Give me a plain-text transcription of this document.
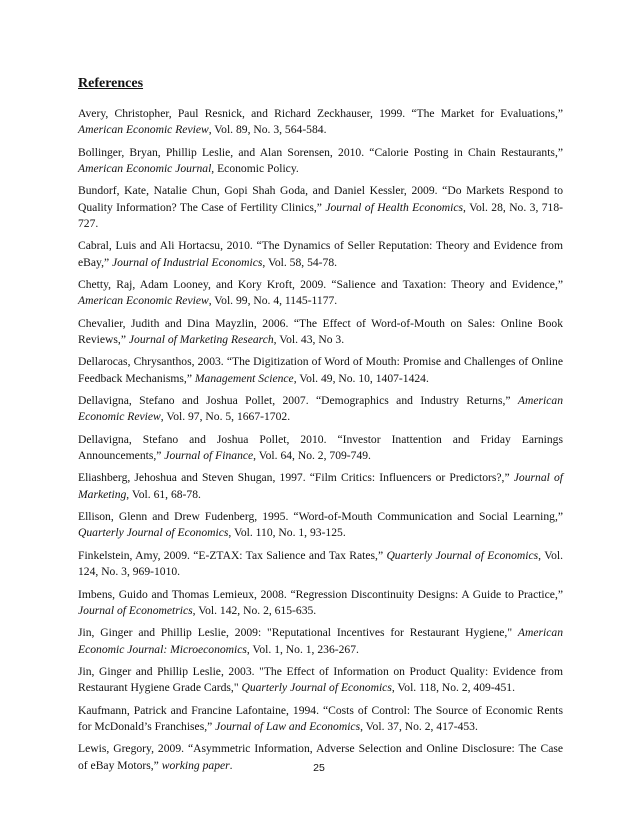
References

Avery, Christopher, Paul Resnick, and Richard Zeckhauser, 1999. “The Market for Evaluations,” American Economic Review, Vol. 89, No. 3, 564-584.

Bollinger, Bryan, Phillip Leslie, and Alan Sorensen, 2010. “Calorie Posting in Chain Restaurants,” American Economic Journal, Economic Policy.

Bundorf, Kate, Natalie Chun, Gopi Shah Goda, and Daniel Kessler, 2009. “Do Markets Respond to Quality Information? The Case of Fertility Clinics,” Journal of Health Economics, Vol. 28, No. 3, 718-727.

Cabral, Luis and Ali Hortacsu, 2010. “The Dynamics of Seller Reputation: Theory and Evidence from eBay,” Journal of Industrial Economics, Vol. 58, 54-78.

Chetty, Raj, Adam Looney, and Kory Kroft, 2009. “Salience and Taxation: Theory and Evidence,” American Economic Review, Vol. 99, No. 4, 1145-1177.

Chevalier, Judith and Dina Mayzlin, 2006. “The Effect of Word-of-Mouth on Sales: Online Book Reviews,” Journal of Marketing Research, Vol. 43, No 3.

Dellarocas, Chrysanthos, 2003. “The Digitization of Word of Mouth: Promise and Challenges of Online Feedback Mechanisms,” Management Science, Vol. 49, No. 10, 1407-1424.

Dellavigna, Stefano and Joshua Pollet, 2007. “Demographics and Industry Returns,” American Economic Review, Vol. 97, No. 5, 1667-1702.

Dellavigna, Stefano and Joshua Pollet, 2010. “Investor Inattention and Friday Earnings Announcements,” Journal of Finance, Vol. 64, No. 2, 709-749.

Eliashberg, Jehoshua and Steven Shugan, 1997. “Film Critics: Influencers or Predictors?,” Journal of Marketing, Vol. 61, 68-78.

Ellison, Glenn and Drew Fudenberg, 1995. “Word-of-Mouth Communication and Social Learning,” Quarterly Journal of Economics, Vol. 110, No. 1, 93-125.

Finkelstein, Amy, 2009. “E-ZTAX: Tax Salience and Tax Rates,” Quarterly Journal of Economics, Vol. 124, No. 3, 969-1010.

Imbens, Guido and Thomas Lemieux, 2008. “Regression Discontinuity Designs: A Guide to Practice,” Journal of Econometrics, Vol. 142, No. 2, 615-635.

Jin, Ginger and Phillip Leslie, 2009: "Reputational Incentives for Restaurant Hygiene," American Economic Journal: Microeconomics, Vol. 1, No. 1, 236-267.

Jin, Ginger and Phillip Leslie, 2003. "The Effect of Information on Product Quality: Evidence from Restaurant Hygiene Grade Cards," Quarterly Journal of Economics, Vol. 118, No. 2, 409-451.

Kaufmann, Patrick and Francine Lafontaine, 1994. “Costs of Control: The Source of Economic Rents for McDonald’s Franchises,” Journal of Law and Economics, Vol. 37, No. 2, 417-453.

Lewis, Gregory, 2009. “Asymmetric Information, Adverse Selection and Online Disclosure: The Case of eBay Motors,” working paper.	25
